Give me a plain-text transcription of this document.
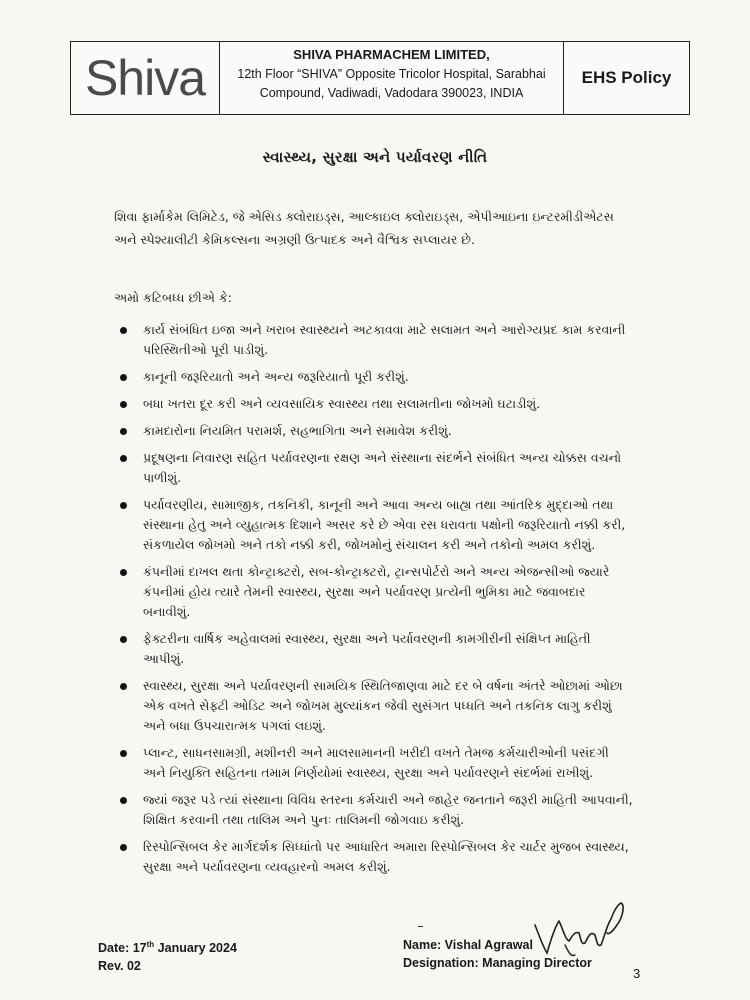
Shiva	SHIVA PHARMACHEM LIMITED,
12th Floor “SHIVA” Opposite Tricolor Hospital, Sarabhai
Compound, Vadiwadi, Vadodara 390023, INDIA
EHS Policy
સ્વાસ્થ્ય, સુરક્ષા અને પર્યાવરણ નીતિ
શિવા ફાર્માકેમ લિમિટેડ, જે એસિડ ક્લોરાઇડ્સ, આલ્કાઇલ ક્લોરાઇડ્સ, એપીઆઇના ઇન્ટરમીડીએટસ અને સ્પેશ્યાલીટી કેમિકલ્સના અગ્રણી ઉત્પાદક અને વૈશ્વિક સપ્લાયર છે.
અમો કટિબધ્ધ છીએ કે:
કાર્ય સંબંધિત ઇજા અને ખરાબ સ્વાસ્થ્યને અટકાવવા માટે સલામત અને આરોગ્યપ્રદ કામ કરવાની પરિસ્થિતીઓ પૂરી પાડીશું.
કાનૂની જરૂરિયાતો અને અન્ય જરૂરિયાતો પૂરી કરીશું.
બધા ખતરા દૂર કરી અને વ્યવસાયિક સ્વાસ્થ્ય તથા સલામતીના જોખમો ઘટાડીશું.
કામદારોના નિયમિત પરામર્શ, સહભાગિતા અને સમાવેશ કરીશું.
પ્રદૂષણના નિવારણ સહિત પર્યાવરણના રક્ષણ અને સંસ્થાના સંદર્ભને સંબંધિત અન્ય ચોક્કસ વચનો પાળીશું.
પર્યાવરણીય, સામાજીક, તકનિકી, કાનૂની અને આવા અન્ય બાહ્ય તથા આંતરિક મુદ્દાઓ તથા સંસ્થાના હેતુ અને વ્યુહાત્મક દિશાને અસર કરે છે એવા રસ ધરાવતા પક્ષોની જરૂરિયાતો નક્કી કરી, સંકળાયેલ જોખમો અને તકો નક્કી કરી, જોખમોનું સંચાલન કરી અને તકોનો અમલ કરીશું.
કંપનીમાં દાખલ થતા કોન્ટ્રાક્ટરો, સબ-કોન્ટ્રાક્ટરો, ટ્રાન્સપોર્ટરો અને અન્ય એજન્સીઓ જ્યારે કંપનીમાં હોય ત્યારે તેમની સ્વાસ્થ્ય, સુરક્ષા અને પર્યાવરણ પ્રત્યેની ભુમિકા માટે જવાબદાર બનાવીશું.
ફેક્ટરીના વાર્ષિક અહેવાલમાં સ્વાસ્થ્ય, સુરક્ષા અને પર્યાવરણની કામગીરીની સંક્ષિપ્ત માહિતી આપીશું.
સ્વાસ્થ્ય, સુરક્ષા અને પર્યાવરણની સામયિક સ્થિતિજાણવા માટે દર બે વર્ષના અંતરે ઓછામાં ઓછા એક વખતે સેફ્ટી ઓડિટ અને જોખમ મુલ્યાંકન જેવી સુસંગત પધ્ધતિ અને તકનિક લાગુ કરીશું અને બધા ઉપચારાત્મક પગલાં લઇશું.
પ્લાન્ટ, સાધનસામગ્રી, મશીનરી અને માલસામાનની ખરીદી વખતે તેમજ કર્મચારીઓની પસંદગી અને નિયુક્તિ સહિતના તમામ નિર્ણયોમાં સ્વાસ્થ્ય, સુરક્ષા અને પર્યાવરણને સંદર્ભમાં રાખીશું.
જ્યાં જરૂર પડે ત્યાં સંસ્થાના વિવિધ સ્તરના કર્મચારી અને જાહેર જનતાને જરૂરી માહિતી આપવાની, શિક્ષિત કરવાની તથા તાલિમ અને પુનઃ તાલિમની જોગવાઇ કરીશું.
રિસ્પોન્સિબલ કેર માર્ગદર્શક સિધ્ધાંતો પર આધારિત અમારા રિસ્પોન્સિબલ કેર ચાર્ટર મુજબ સ્વાસ્થ્ય, સુરક્ષા અને પર્યાવરણના વ્યવહારનો અમલ કરીશું.
Date: 17th January 2024
Rev. 02
Name: Vishal Agrawal
Designation: Managing Director
3
